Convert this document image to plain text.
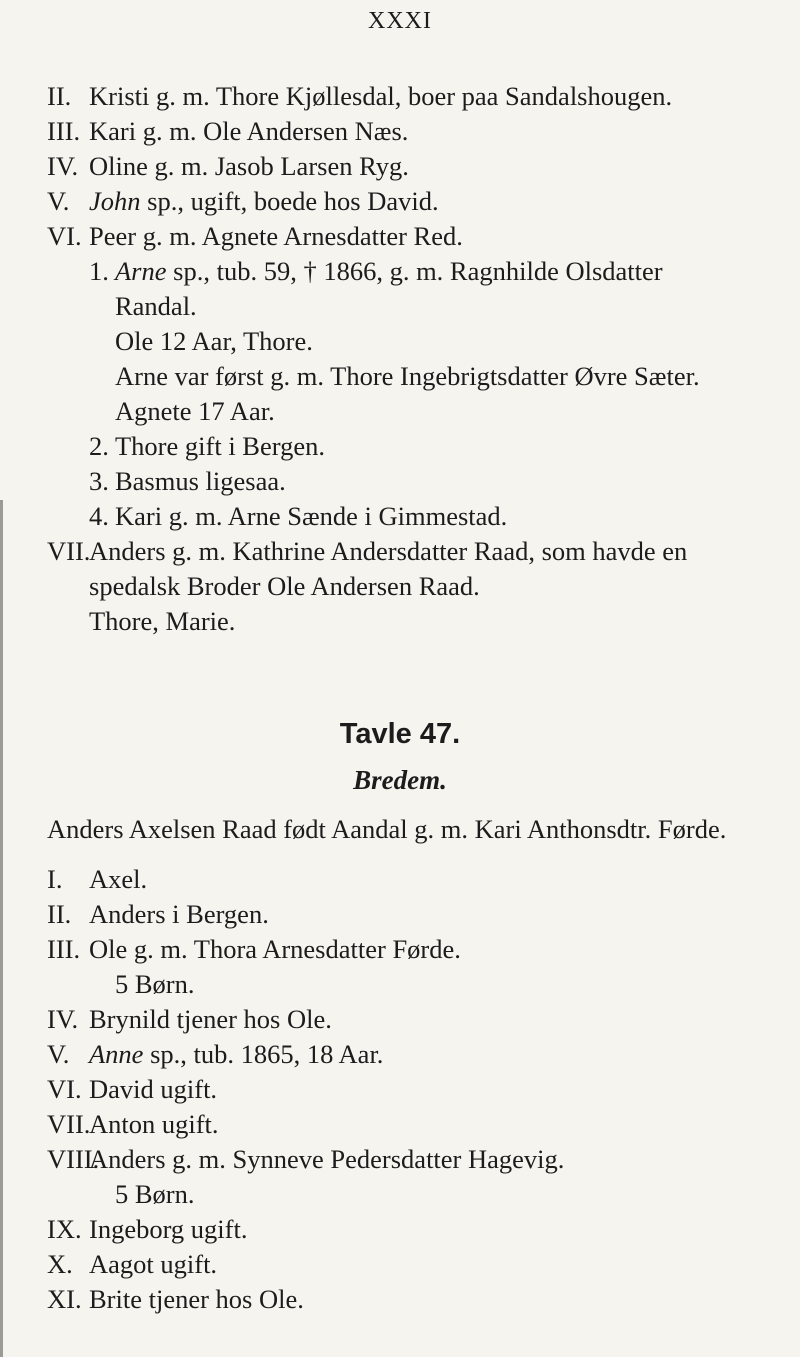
XXXI
II. Kristi g. m. Thore Kjøllesdal, boer paa Sandalshougen.
III. Kari g. m. Ole Andersen Næs.
IV. Oline g. m. Jasob Larsen Ryg.
V. John sp., ugift, boede hos David.
VI. Peer g. m. Agnete Arnesdatter Red.
1. Arne sp., tub. 59, † 1866, g. m. Ragnhilde Olsdatter
Randal.
Ole 12 Aar, Thore.
Arne var først g. m. Thore Ingebrigtsdatter Øvre Sæter.
Agnete 17 Aar.
2. Thore gift i Bergen.
3. Basmus ligesaa.
4. Kari g. m. Arne Sænde i Gimmestad.
VII.Anders g. m. Kathrine Andersdatter Raad, som havde en
spedalsk Broder Ole Andersen Raad.
Thore, Marie.
Tavle 47.
Bredem.
Anders Axelsen Raad født Aandal g. m. Kari Anthonsdtr. Førde.
I. Axel.
II. Anders i Bergen.
III. Ole g. m. Thora Arnesdatter Førde.
5 Børn.
IV. Brynild tjener hos Ole.
V. Anne sp., tub. 1865, 18 Aar.
VI. David ugift.
VII.Anton ugift.
VIII.Anders g. m. Synneve Pedersdatter Hagevig.
5 Børn.
IX. Ingeborg ugift.
X. Aagot ugift.
XI. Brite tjener hos Ole.
